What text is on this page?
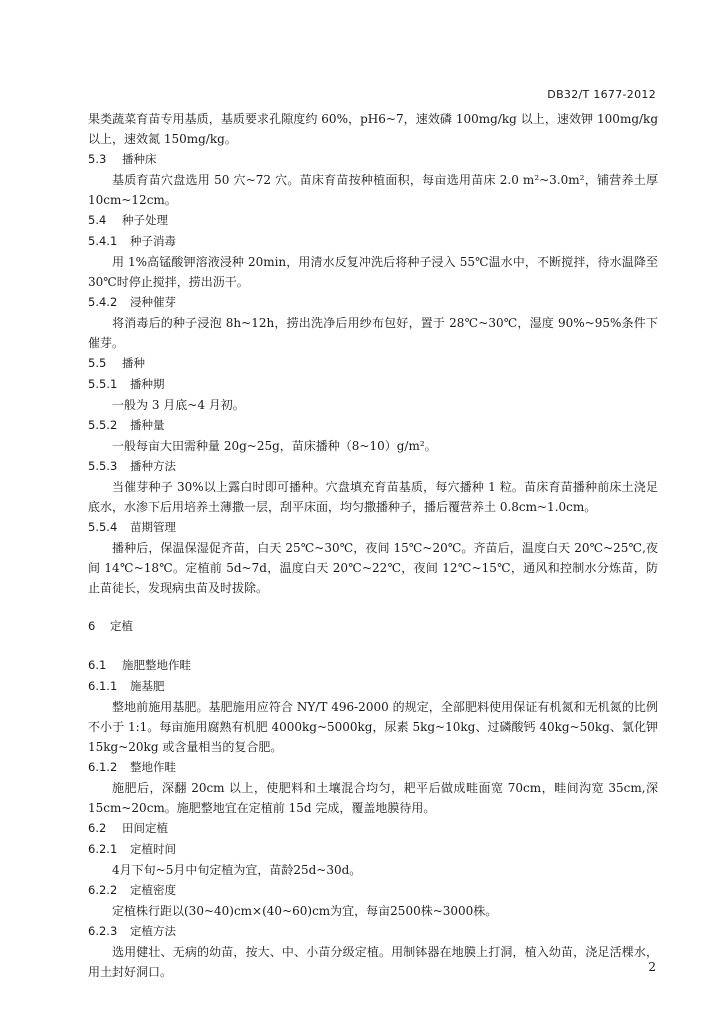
DB32/T 1677-2012

果类蔬菜育苗专用基质，基质要求孔隙度约 60%，pH6~7，速效磷 100mg/kg 以上，速效钾 100mg/kg 以上，速效氮 150mg/kg。

5.3 播种床

基质育苗穴盘选用 50 穴~72 穴。苗床育苗按种植面积，每亩选用苗床 2.0 m²~3.0m²，铺营养土厚 10cm~12cm。

5.4 种子处理
5.4.1 种子消毒

用 1%高锰酸钾溶液浸种 20min，用清水反复冲洗后将种子浸入 55℃温水中，不断搅拌，待水温降至 30℃时停止搅拌，捞出沥干。

5.4.2 浸种催芽

将消毒后的种子浸泡 8h~12h，捞出洗净后用纱布包好，置于 28℃~30℃，湿度 90%~95%条件下催芽。

5.5 播种
5.5.1 播种期

一般为 3 月底~4 月初。

5.5.2 播种量

一般每亩大田需种量 20g~25g，苗床播种（8~10）g/m²。

5.5.3 播种方法

当催芽种子 30%以上露白时即可播种。穴盘填充育苗基质，每穴播种 1 粒。苗床育苗播种前床土浇足底水，水渗下后用培养土薄撒一层，刮平床面，均匀撒播种子，播后覆营养土 0.8cm~1.0cm。

5.5.4 苗期管理

播种后，保温保湿促齐苗，白天 25℃~30℃，夜间 15℃~20℃。齐苗后，温度白天 20℃~25℃,夜间 14℃~18℃。定植前 5d~7d，温度白天 20℃~22℃，夜间 12℃~15℃，通风和控制水分炼苗，防止苗徒长，发现病虫苗及时拔除。

6 定植
6.1 施肥整地作畦
6.1.1 施基肥

整地前施用基肥。基肥施用应符合 NY/T 496-2000 的规定，全部肥料使用保证有机氮和无机氮的比例不小于 1:1。每亩施用腐熟有机肥 4000kg~5000kg，尿素 5kg~10kg、过磷酸钙 40kg~50kg、氯化钾 15kg~20kg 或含量相当的复合肥。

6.1.2 整地作畦

施肥后，深翻 20cm 以上，使肥料和土壤混合均匀，耙平后做成畦面宽 70cm，畦间沟宽 35cm,深 15cm~20cm。施肥整地宜在定植前 15d 完成，覆盖地膜待用。

6.2 田间定植
6.2.1 定植时间

4月下旬~5月中旬定植为宜，苗龄25d~30d。

6.2.2 定植密度

定植株行距以(30~40)cm×(40~60)cm为宜，每亩2500株~3000株。

6.2.3 定植方法

选用健壮、无病的幼苗，按大、中、小苗分级定植。用制钵器在地膜上打洞，植入幼苗，浇足活棵水，用土封好洞口。	2
